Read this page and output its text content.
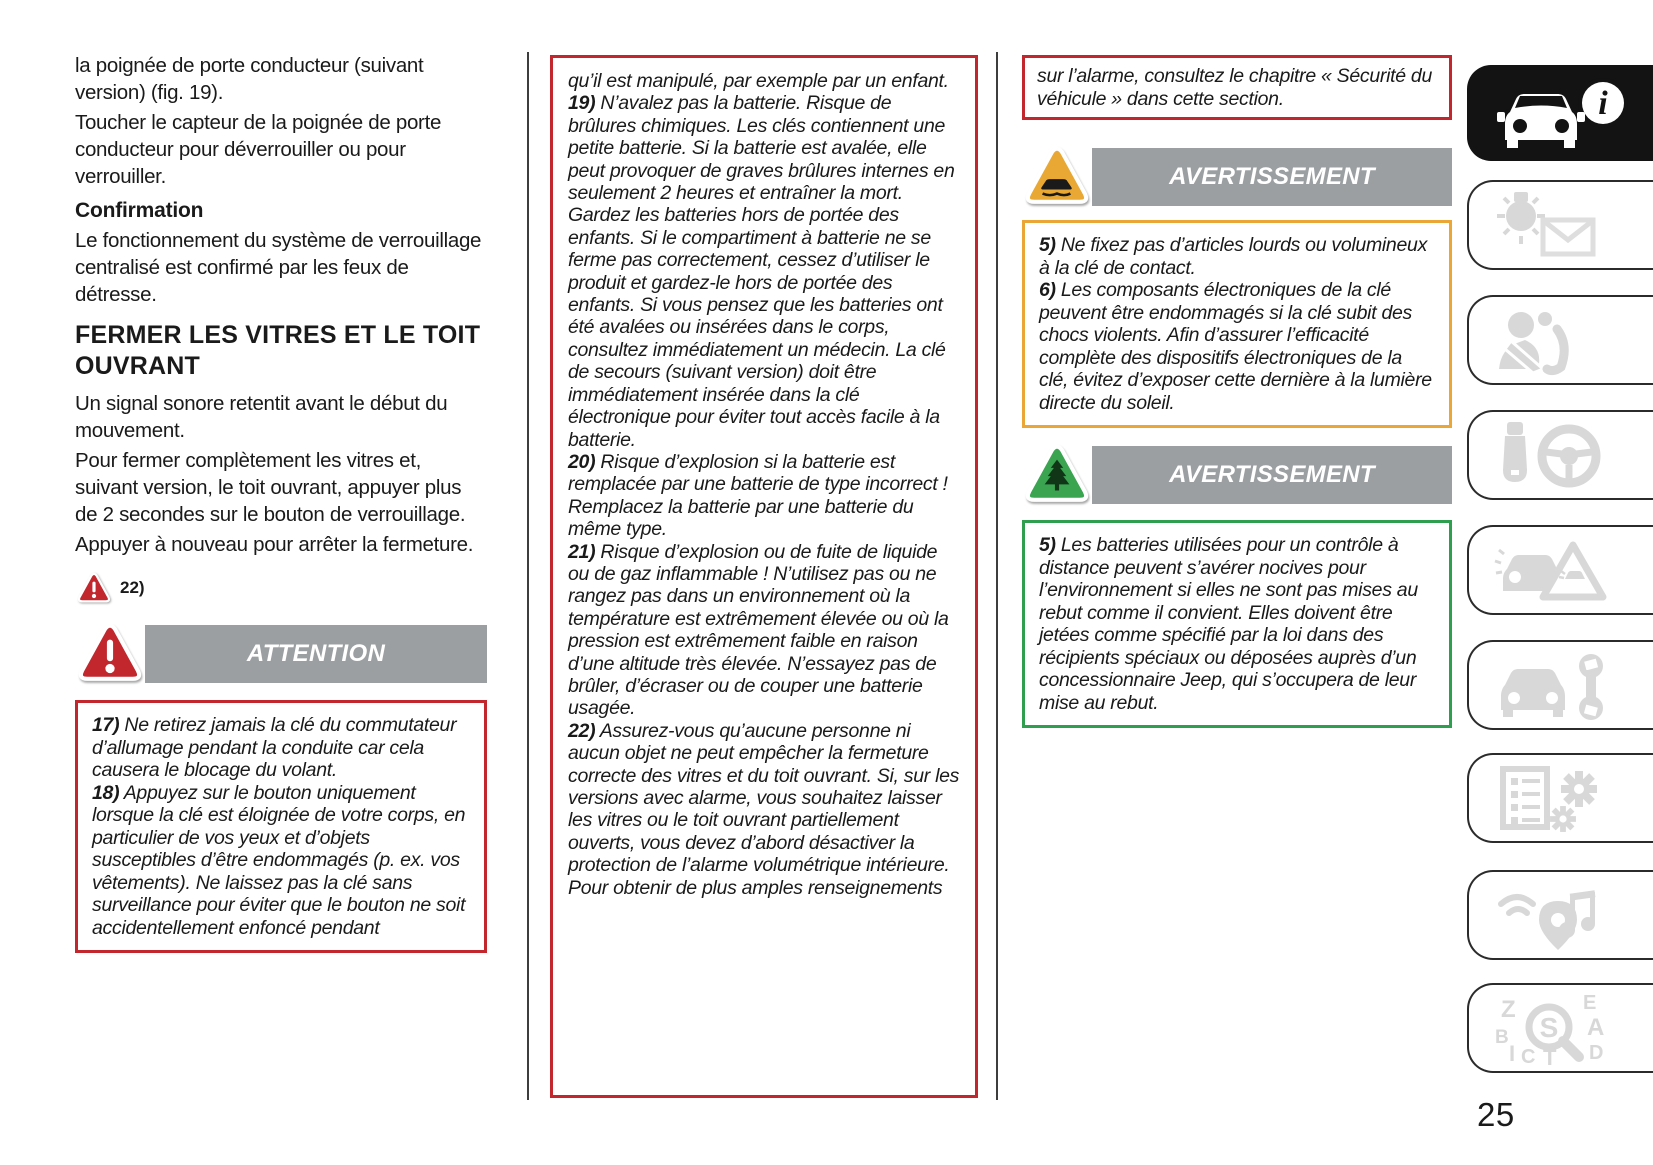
la poignée de porte conducteur (suivant version) (fig. 19).

Toucher le capteur de la poignée de porte conducteur pour déverrouiller ou pour verrouiller.

Confirmation

Le fonctionnement du système de verrouillage centralisé est confirmé par les feux de détresse.

FERMER LES VITRES ET LE TOIT OUVRANT

Un signal sonore retentit avant le début du mouvement.

Pour fermer complètement les vitres et, suivant version, le toit ouvrant, appuyer plus de 2 secondes sur le bouton de verrouillage.

Appuyer à nouveau pour arrêter la fermeture.

22)
ATTENTION

17) Ne retirez jamais la clé du commutateur d’allumage pendant la conduite car cela causera le blocage du volant.

18) Appuyez sur le bouton uniquement lorsque la clé est éloignée de votre corps, en particulier de vos yeux et d’objets susceptibles d’être endommagés (p. ex. vos vêtements). Ne laissez pas la clé sans surveillance pour éviter que le bouton ne soit accidentellement enfoncé pendant

qu’il est manipulé, par exemple par un enfant.

19) N’avalez pas la batterie. Risque de brûlures chimiques. Les clés contiennent une petite batterie. Si la batterie est avalée, elle peut provoquer de graves brûlures internes en seulement 2 heures et entraîner la mort. Gardez les batteries hors de portée des enfants. Si le compartiment à batterie ne se ferme pas correctement, cessez d’utiliser le produit et gardez-le hors de portée des enfants. Si vous pensez que les batteries ont été avalées ou insérées dans le corps, consultez immédiatement un médecin. La clé de secours (suivant version) doit être immédiatement insérée dans la clé électronique pour éviter tout accès facile à la batterie.

20) Risque d’explosion si la batterie est remplacée par une batterie de type incorrect ! Remplacez la batterie par une batterie du même type.

21) Risque d’explosion ou de fuite de liquide ou de gaz inflammable ! N’utilisez pas ou ne rangez pas dans un environnement où la température est extrêmement élevée ou où la pression est extrêmement faible en raison d’une altitude très élevée. N’essayez pas de brûler, d’écraser ou de couper une batterie usagée.

22) Assurez-vous qu’aucune personne ni aucun objet ne peut empêcher la fermeture correcte des vitres et du toit ouvrant. Si, sur les versions avec alarme, vous souhaitez laisser les vitres ou le toit ouvrant partiellement ouverts, vous devez d’abord désactiver la protection de l’alarme volumétrique intérieure. Pour obtenir de plus amples renseignements

sur l’alarme, consultez le chapitre « Sécurité du véhicule » dans cette section.

AVERTISSEMENT

5) Ne fixez pas d’articles lourds ou volumineux à la clé de contact.

6) Les composants électroniques de la clé peuvent être endommagés si la clé subit des chocs violents. Afin d’assurer l’efficacité complète des dispositifs électroniques de la clé, évitez d’exposer cette dernière à la lumière directe du soleil.

AVERTISSEMENT

5) Les batteries utilisées pour un contrôle à distance peuvent s’avérer nocives pour l’environnement si elles ne sont pas mises au rebut comme il convient. Elles doivent être jetées comme spécifié par la loi dans des récipients spéciaux ou déposées auprès d’un concessionnaire Jeep, qui s’occupera de leur mise au rebut.

i
Z	E
B	A
I C T D
S
25
